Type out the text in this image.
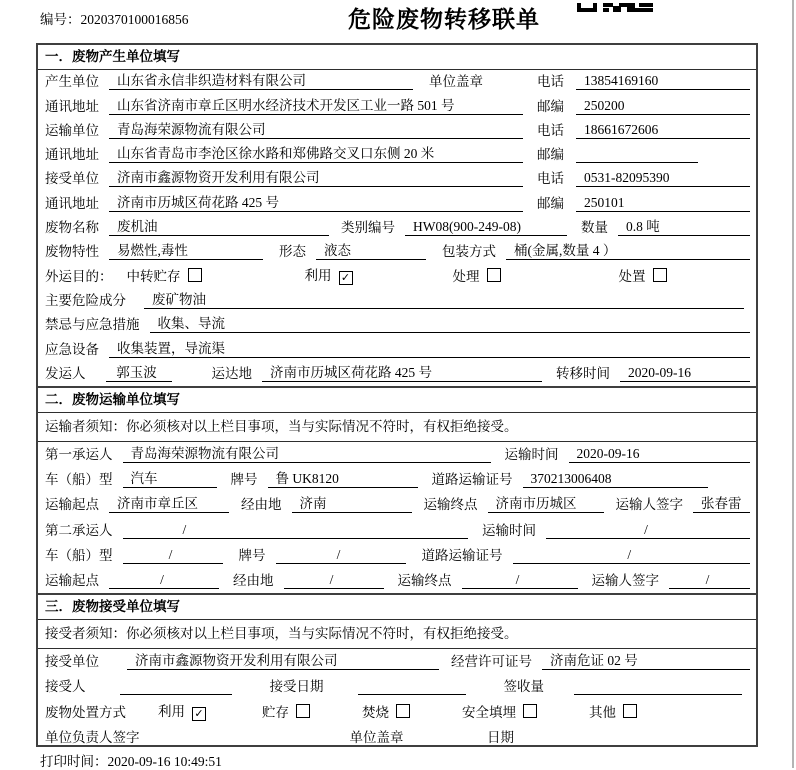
编号：2020370100016856	危险废物转移联单
一．废物产生单位填写
产生单位	山东省永信非织造材料有限公司	单位盖章	电话	13854169160
通讯地址	山东省济南市章丘区明水经济技术开发区工业一路 501 号	邮编	250200
运输单位	青岛海荣源物流有限公司	电话	18661672606
通讯地址	山东省青岛市李沧区徐水路和郑佛路交叉口东侧 20 米	邮编
接受单位	济南市鑫源物资开发利用有限公司	电话	0531-82095390
通讯地址	济南市历城区荷花路 425 号	邮编	250101
废物名称	废机油	类别编号	HW08(900-249-08)	数量	0.8 吨
废物特性	易燃性,毒性	形态	液态	包装方式	桶(金属,数量 4 ）
外运目的：	中转贮存	利用 ✓	处理	处置
主要危险成分	废矿物油
禁忌与应急措施	收集、导流
应急设备	收集装置，导流渠
发运人	郭玉波	运达地	济南市历城区荷花路 425 号	转移时间	2020-09-16
二．废物运输单位填写
运输者须知：你必须核对以上栏目事项，当与实际情况不符时，有权拒绝接受。
第一承运人	青岛海荣源物流有限公司	运输时间	2020-09-16
车（船）型	汽车	牌号	鲁 UK8120	道路运输证号	370213006408
运输起点	济南市章丘区	经由地	济南	运输终点	济南市历城区	运输人签字	张春雷
第二承运人	/	运输时间	/
车（船）型	/	牌号	/	道路运输证号	/
运输起点	/	经由地	/	运输终点	/	运输人签字	/
三．废物接受单位填写
接受者须知：你必须核对以上栏目事项，当与实际情况不符时，有权拒绝接受。
接受单位	济南市鑫源物资开发利用有限公司	经营许可证号	济南危证 02 号
接受人	接受日期	签收量
废物处置方式	利用 ✓	贮存	焚烧	安全填埋	其他
单位负责人签字	单位盖章	日期
打印时间：2020-09-16 10:49:51
